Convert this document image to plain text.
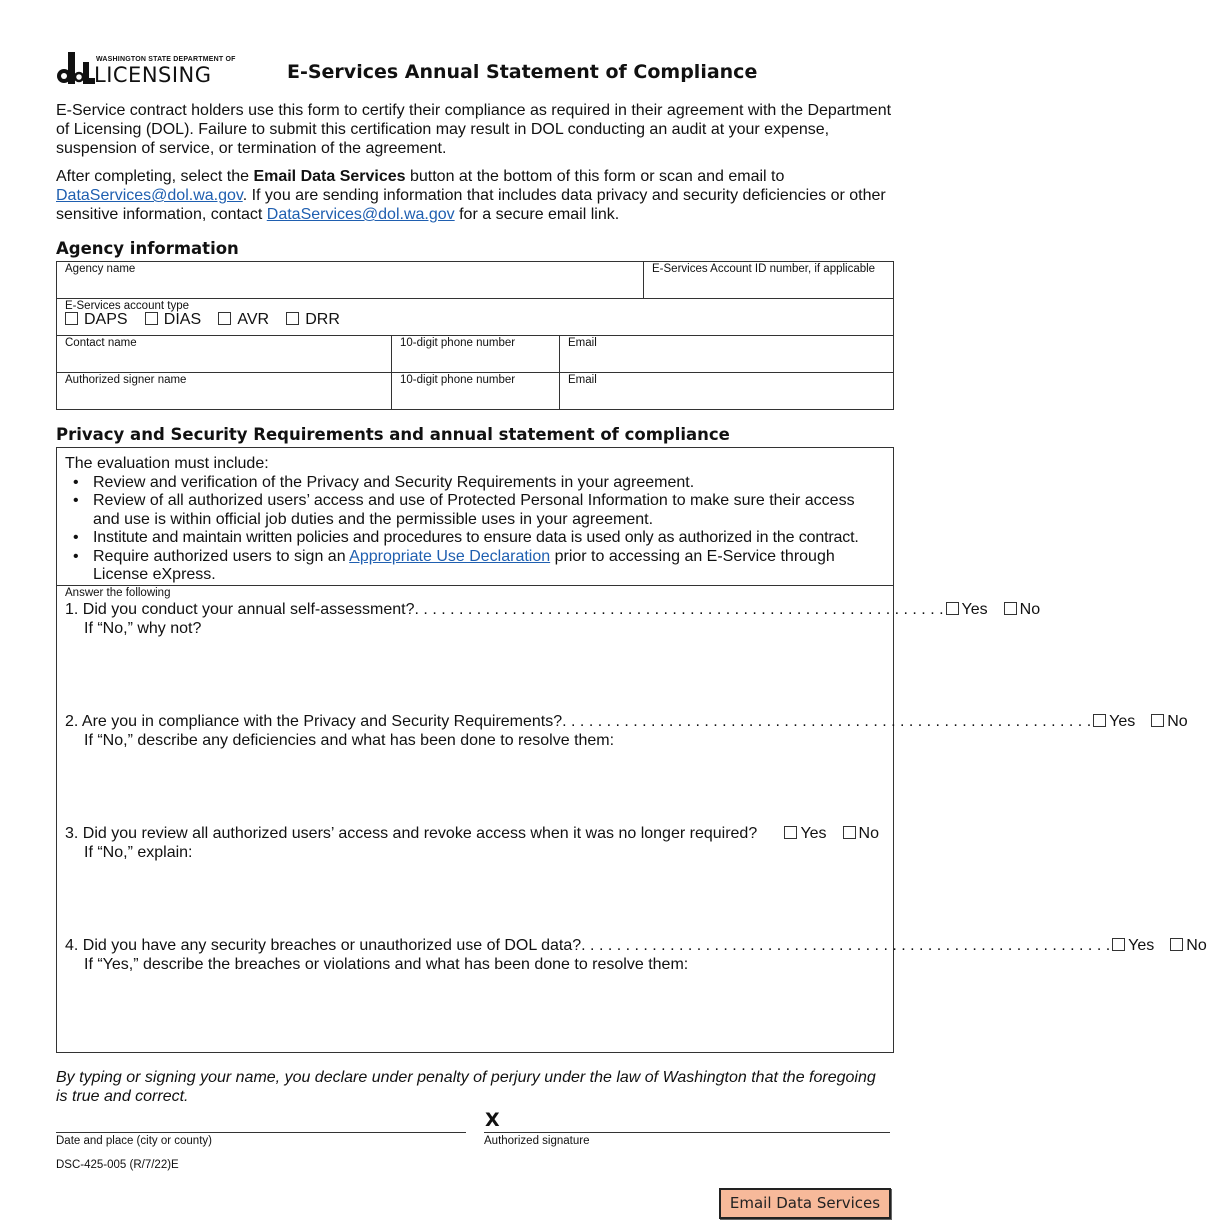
WASHINGTON STATE DEPARTMENT OF
LICENSING	E-Services Annual Statement of Compliance

E-Service contract holders use this form to certify their compliance as required in their agreement with the Department of Licensing (DOL). Failure to submit this certification may result in DOL conducting an audit at your expense, suspension of service, or termination of the agreement.

After completing, select the Email Data Services button at the bottom of this form or scan and email to DataServices@dol.wa.gov. If you are sending information that includes data privacy and security deficiencies or other sensitive information, contact DataServices@dol.wa.gov for a secure email link.

Agency information
Agency name	E-Services Account ID number, if applicable
E-Services account type
DAPS DIAS AVR DRR
Contact name	10-digit phone number	Email
Authorized signer name	10-digit phone number	Email
Privacy and Security Requirements and annual statement of compliance
The evaluation must include:
• Review and verification of the Privacy and Security Requirements in your agreement.
• Review of all authorized users’ access and use of Protected Personal Information to make sure their access and use is within official job duties and the permissible uses in your agreement.
• Institute and maintain written policies and procedures to ensure data is used only as authorized in the contract.
• Require authorized users to sign an Appropriate Use Declaration prior to accessing an E-Service through License eXpress.
Answer the following
1. Did you conduct your annual self-assessment? . . . . . . . . . . . . . . . . . . . . . . . . . . . . . . . . . . . . . . . . . . . . . . . . . . . . . . . . . . . .	Yes	No
If “No,” why not?
2. Are you in compliance with the Privacy and Security Requirements? . . . . . . . . . . . . . . . . . . . . . . . . . . . . . . . . . . . . . . . . . . . . . . . . . . . . . . . . . . . .	Yes	No
If “No,” describe any deficiencies and what has been done to resolve them:
3. Did you review all authorized users’ access and revoke access when it was no longer required?	Yes	No
If “No,” explain:
4. Did you have any security breaches or unauthorized use of DOL data? . . . . . . . . . . . . . . . . . . . . . . . . . . . . . . . . . . . . . . . . . . . . . . . . . . . . . . . . . . . .	Yes	No
If “Yes,” describe the breaches or violations and what has been done to resolve them:
By typing or signing your name, you declare under penalty of perjury under the law of Washington that the foregoing is true and correct.
X
Date and place (city or county)	Authorized signature
DSC-425-005 (R/7/22)E
Email Data Services
